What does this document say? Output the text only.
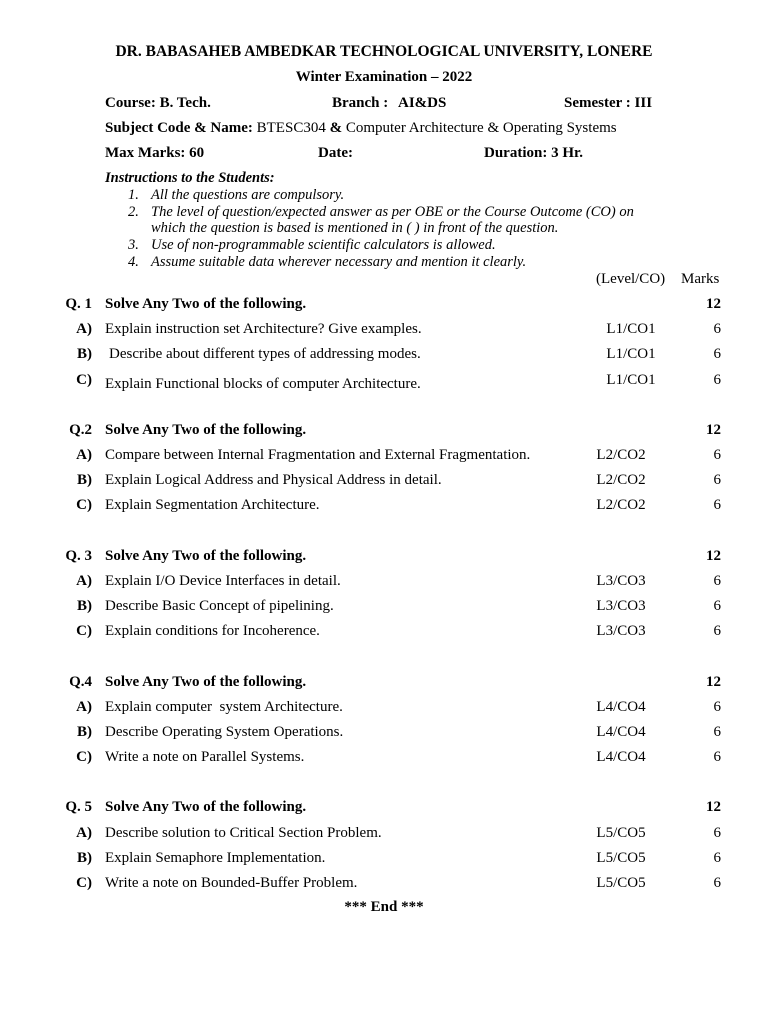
DR. BABASAHEB AMBEDKAR TECHNOLOGICAL UNIVERSITY, LONERE
Winter Examination – 2022
Course: B. Tech.	Branch : AI&DS	Semester : III
Subject Code & Name: BTESC304 & Computer Architecture & Operating Systems
Max Marks: 60	Date:	Duration: 3 Hr.
Instructions to the Students:
1. All the questions are compulsory.
2. The level of question/expected answer as per OBE or the Course Outcome (CO) on
which the question is based is mentioned in ( ) in front of the question.
3. Use of non-programmable scientific calculators is allowed.
4. Assume suitable data wherever necessary and mention it clearly.
(Level/CO) Marks
Q. 1 Solve Any Two of the following.	12
A) Explain instruction set Architecture? Give examples.	L1/CO1	6
B) Describe about different types of addressing modes.	L1/CO1	6
C) Explain Functional blocks of computer Architecture.	L1/CO1	6
Q.2 Solve Any Two of the following.	12
A) Compare between Internal Fragmentation and External Fragmentation.	L2/CO2	6
B) Explain Logical Address and Physical Address in detail.	L2/CO2	6
C) Explain Segmentation Architecture.	L2/CO2	6
Q. 3 Solve Any Two of the following.	12
A) Explain I/O Device Interfaces in detail.	L3/CO3	6
B) Describe Basic Concept of pipelining.	L3/CO3	6
C) Explain conditions for Incoherence.	L3/CO3	6
Q.4 Solve Any Two of the following.	12
A) Explain computer  system Architecture.	L4/CO4	6
B) Describe Operating System Operations.	L4/CO4	6
C) Write a note on Parallel Systems.	L4/CO4	6
Q. 5 Solve Any Two of the following.	12
A) Describe solution to Critical Section Problem.	L5/CO5	6
B) Explain Semaphore Implementation.	L5/CO5	6
C) Write a note on Bounded-Buffer Problem.	L5/CO5	6
*** End ***
